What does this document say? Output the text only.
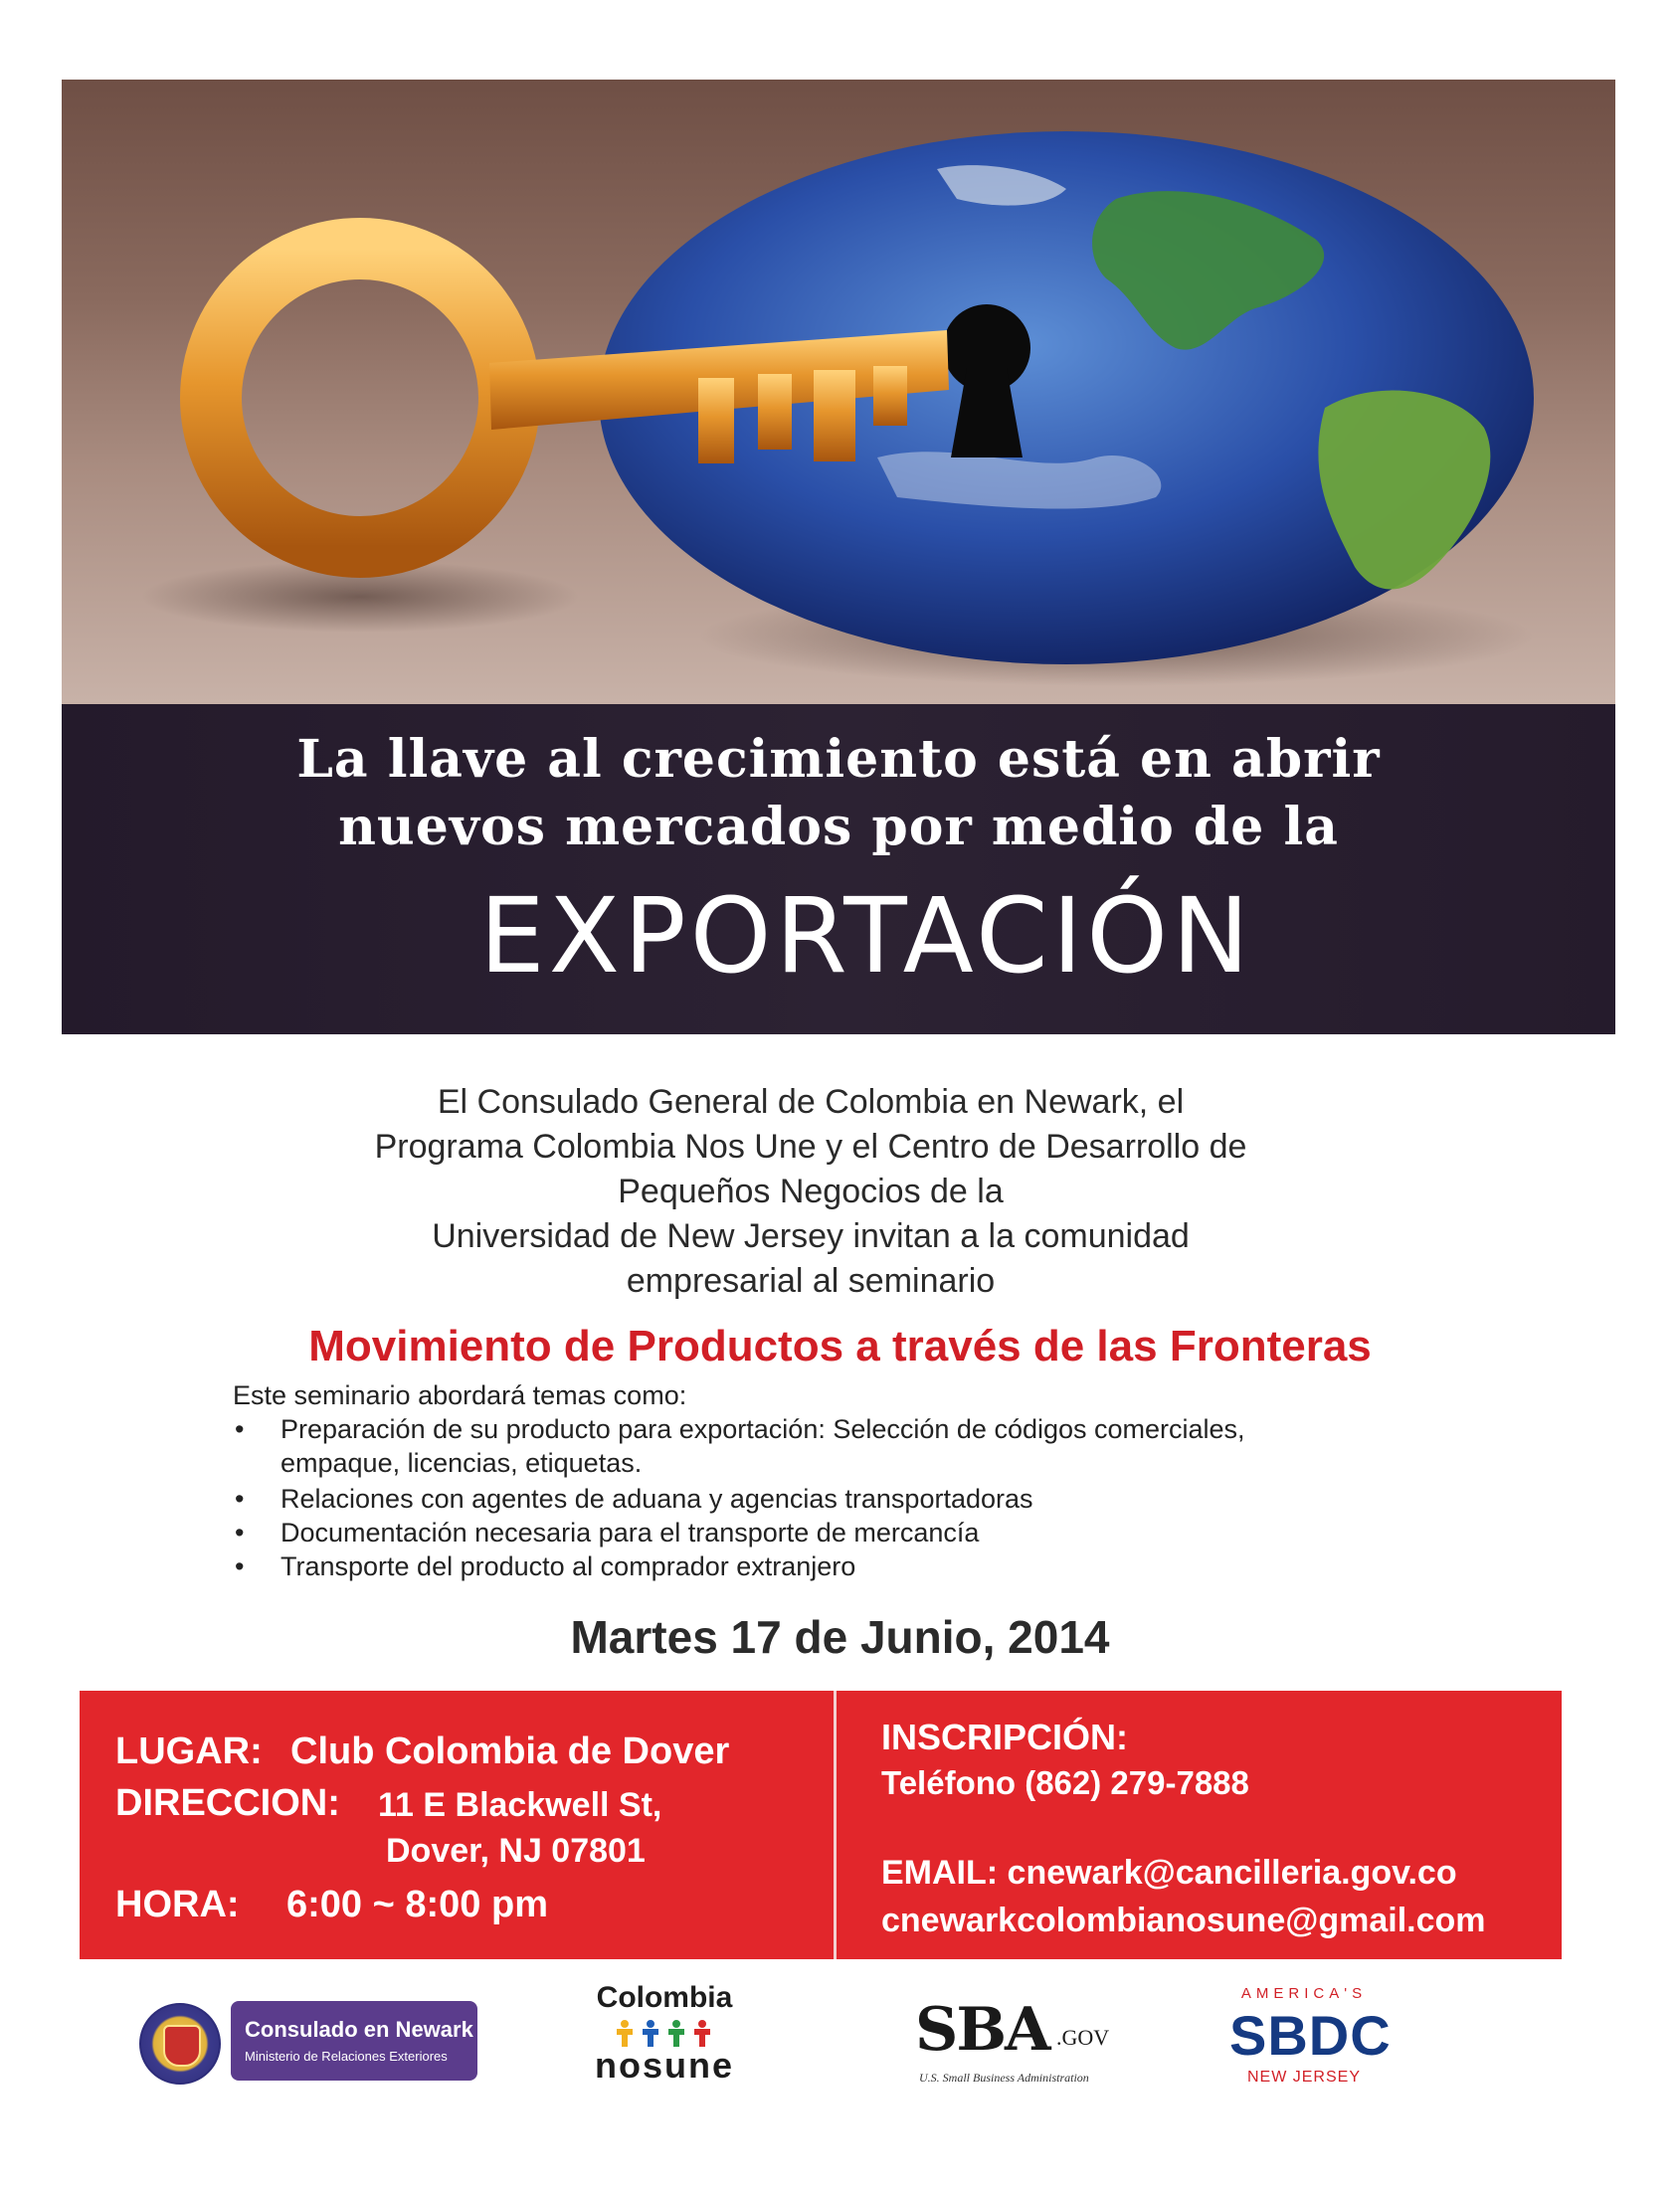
La llave al crecimiento está en abrir
nuevos mercados por medio de la
EXPORTACIÓN
El Consulado General de Colombia en Newark, el
Programa Colombia Nos Une y el Centro de Desarrollo de
Pequeños Negocios de la
Universidad de New Jersey invitan a la comunidad
empresarial al seminario
Movimiento de Productos a través de las Fronteras
Este seminario abordará temas como:
• Preparación de su producto para exportación: Selección de códigos comerciales,
empaque, licencias, etiquetas.
• Relaciones con agentes de aduana y agencias transportadoras
• Documentación necesaria para el transporte de mercancía
• Transporte del producto al comprador extranjero
Martes 17 de Junio, 2014
LUGAR: Club Colombia de Dover
DIRECCION: 11 E Blackwell St,
Dover, NJ 07801
HORA: 6:00 ~ 8:00 pm
INSCRIPCIÓN:
Teléfono (862) 279-7888
EMAIL: cnewark@cancilleria.gov.co
cnewarkcolombianosune@gmail.com
Consulado en Newark
Ministerio de Relaciones Exteriores
Colombia
nosune
SBA .GOV
U.S. Small Business Administration
AMERICA'S
SBDC
NEW JERSEY
